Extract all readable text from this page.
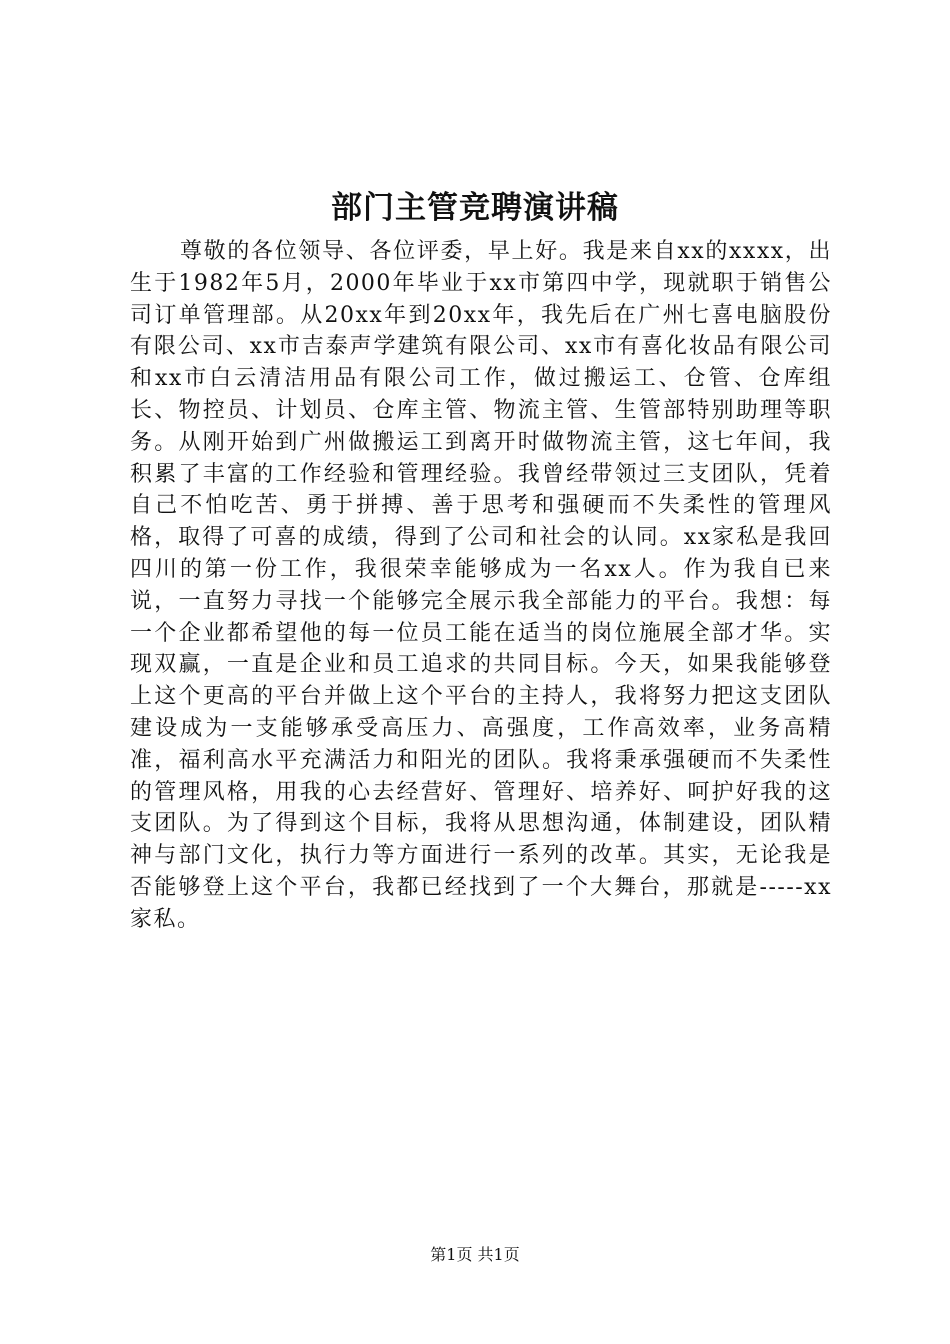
部门主管竞聘演讲稿

尊敬的各位领导、各位评委，早上好。我是来自xx的xxxx，出生于1982年5月，2000年毕业于xx市第四中学，现就职于销售公司订单管理部。从20xx年到20xx年，我先后在广州七喜电脑股份有限公司、xx市吉泰声学建筑有限公司、xx市有喜化妆品有限公司和xx市白云清洁用品有限公司工作，做过搬运工、仓管、仓库组长、物控员、计划员、仓库主管、物流主管、生管部特别助理等职务。从刚开始到广州做搬运工到离开时做物流主管，这七年间，我积累了丰富的工作经验和管理经验。我曾经带领过三支团队，凭着自己不怕吃苦、勇于拼搏、善于思考和强硬而不失柔性的管理风格，取得了可喜的成绩，得到了公司和社会的认同。xx家私是我回四川的第一份工作，我很荣幸能够成为一名xx人。作为我自已来说，一直努力寻找一个能够完全展示我全部能力的平台。我想：每一个企业都希望他的每一位员工能在适当的岗位施展全部才华。实现双赢，一直是企业和员工追求的共同目标。今天，如果我能够登上这个更高的平台并做上这个平台的主持人，我将努力把这支团队建设成为一支能够承受高压力、高强度，工作高效率，业务高精准，福利高水平充满活力和阳光的团队。我将秉承强硬而不失柔性的管理风格，用我的心去经营好、管理好、培养好、呵护好我的这支团队。为了得到这个目标，我将从思想沟通，体制建设，团队精神与部门文化，执行力等方面进行一系列的改革。其实，无论我是否能够登上这个平台，我都已经找到了一个大舞台，那就是-----xx家私。

第1页 共1页
